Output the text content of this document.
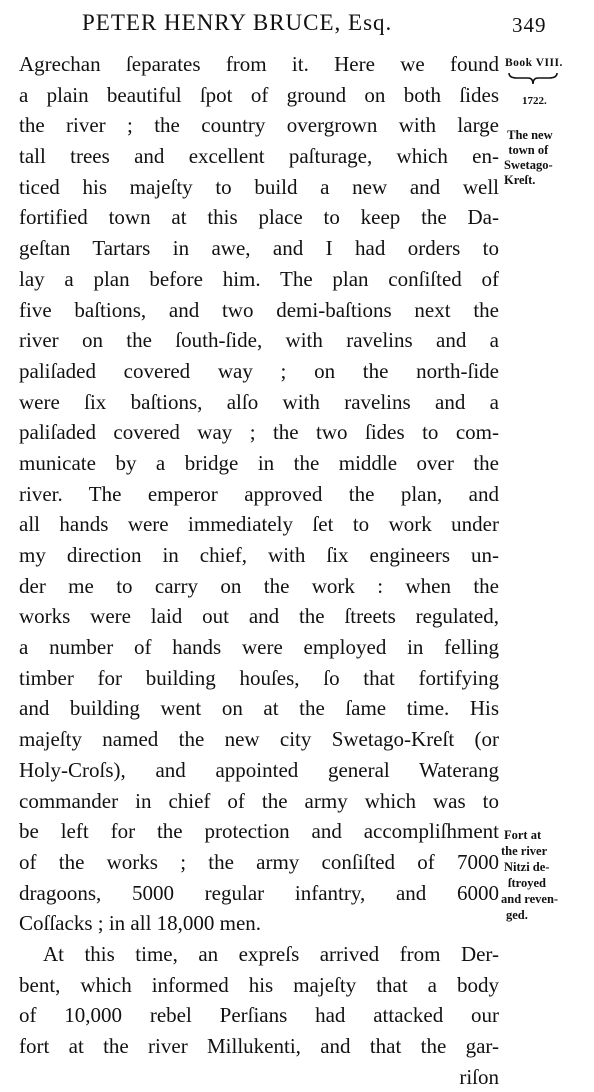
PETER HENRY BRUCE, Esq.	349
Agrechan ſeparates from it. Here we found
a plain beautiful ſpot of ground on both ſides
the river ; the country overgrown with large
tall trees and excellent paſturage, which en-
ticed his majeſty to build a new and well
fortified town at this place to keep the Da-
geſtan Tartars in awe, and I had orders to
lay a plan before him. The plan conſiſted of
five baſtions, and two demi-baſtions next the
river on the ſouth-ſide, with ravelins and a
paliſaded covered way ; on the north-ſide
were ſix baſtions, alſo with ravelins and a
paliſaded covered way ; the two ſides to com-
municate by a bridge in the middle over the
river. The emperor approved the plan, and
all hands were immediately ſet to work under
my direction in chief, with ſix engineers un-
der me to carry on the work : when the
works were laid out and the ſtreets regulated,
a number of hands were employed in felling
timber for building houſes, ſo that fortifying
and building went on at the ſame time. His
majeſty named the new city Swetago-Kreſt (or
Holy-Croſs), and appointed general Waterang
commander in chief of the army which was to
be left for the protection and accompliſhment
of the works ; the army conſiſted of 7000
dragoons, 5000 regular infantry, and 6000
Coſſacks ; in all 18,000 men.
At this time, an expreſs arrived from Der-
bent, which informed his majeſty that a body
of 10,000 rebel Perſians had attacked our
fort at the river Millukenti, and that the gar-
riſon
Book VIII.
1722.
The new
town of
Swetago-
Kreſt.
Fort at
the river
Nitzi de-
ſtroyed
and reven-
ged.
